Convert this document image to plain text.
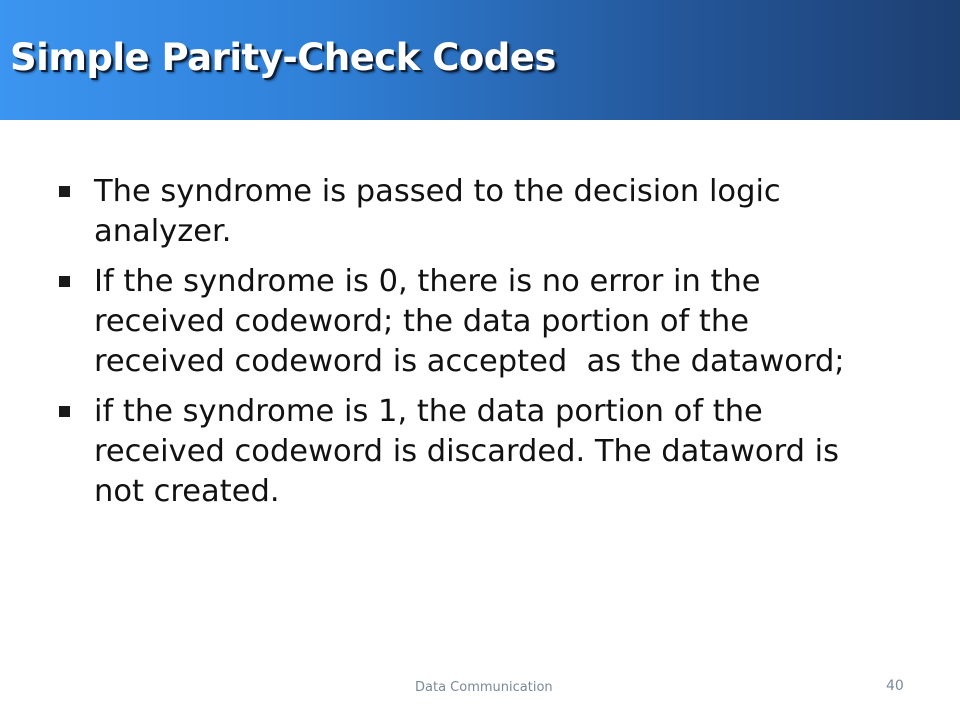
Simple Parity-Check Codes
The syndrome is passed to the decision logic
analyzer.
If the syndrome is 0, there is no error in the
received codeword; the data portion of the
received codeword is accepted  as the dataword;
if the syndrome is 1, the data portion of the
received codeword is discarded. The dataword is
not created.
Data Communication	40
